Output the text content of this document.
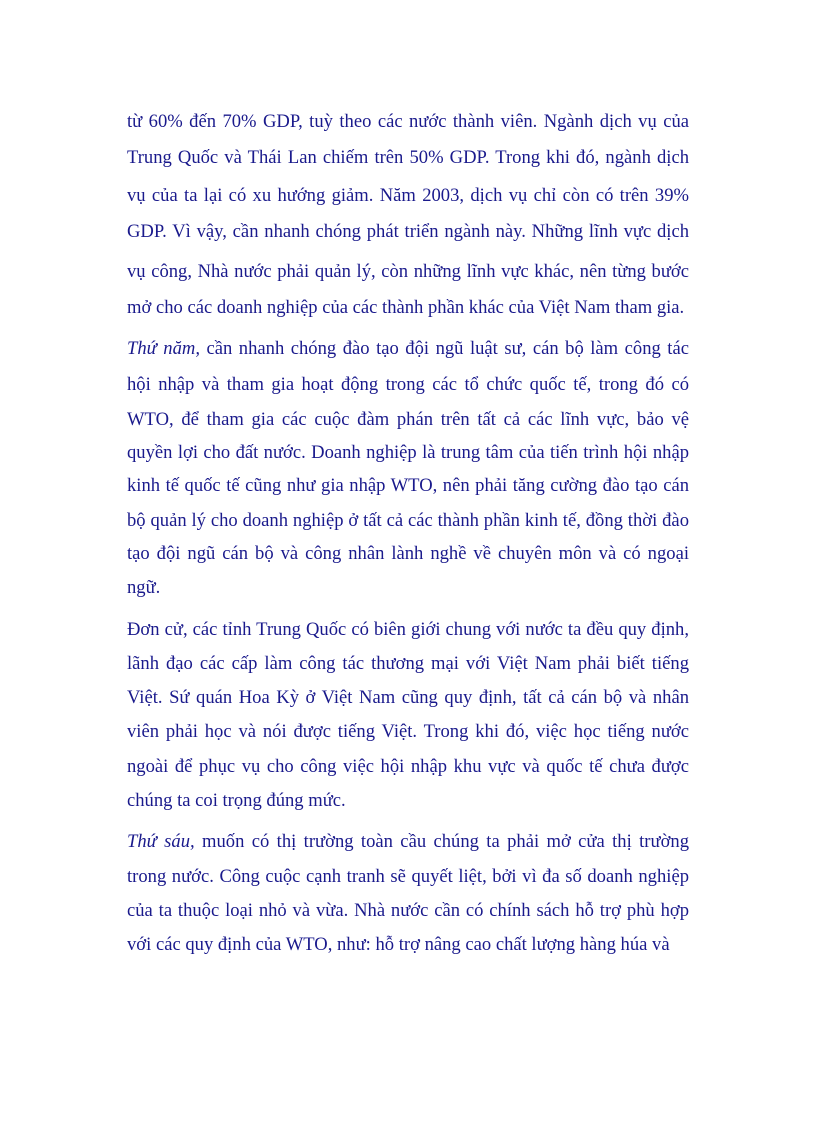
từ 60% đến 70% GDP, tuỳ theo các nước thành viên. Ngành dịch vụ của
Trung Quốc và Thái Lan chiếm trên 50% GDP. Trong khi đó, ngành dịch
vụ của ta lại có xu hướng giảm. Năm 2003, dịch vụ chỉ còn có trên 39%
GDP. Vì vậy, cần nhanh chóng phát triển ngành này. Những lĩnh vực dịch
vụ công, Nhà nước phải quản lý, còn những lĩnh vực khác, nên từng bước
mở cho các doanh nghiệp của các thành phần khác của Việt Nam tham gia.
Thứ năm, cần nhanh chóng đào tạo đội ngũ luật sư, cán bộ làm công tác
hội nhập và tham gia hoạt động trong các tổ chức quốc tế, trong đó có
WTO, để tham gia các cuộc đàm phán trên tất cả các lĩnh vực, bảo vệ
quyền lợi cho đất nước. Doanh nghiệp là trung tâm của tiến trình hội nhập
kinh tế quốc tế cũng như gia nhập WTO, nên phải tăng cường đào tạo cán
bộ quản lý cho doanh nghiệp ở tất cả các thành phần kinh tế, đồng thời đào
tạo đội ngũ cán bộ và công nhân lành nghề về chuyên môn và có ngoại
ngữ.
Đơn cử, các tỉnh Trung Quốc có biên giới chung với nước ta đều quy định,
lãnh đạo các cấp làm công tác thương mại với Việt Nam phải biết tiếng
Việt. Sứ quán Hoa Kỳ ở Việt Nam cũng quy định, tất cả cán bộ và nhân
viên phải học và nói được tiếng Việt. Trong khi đó, việc học tiếng nước
ngoài để phục vụ cho công việc hội nhập khu vực và quốc tế chưa được
chúng ta coi trọng đúng mức.
Thứ sáu, muốn có thị trường toàn cầu chúng ta phải mở cửa thị trường
trong nước. Công cuộc cạnh tranh sẽ quyết liệt, bởi vì đa số doanh nghiệp
của ta thuộc loại nhỏ và vừa. Nhà nước cần có chính sách hỗ trợ phù hợp
với các quy định của WTO, như: hỗ trợ nâng cao chất lượng hàng húa và
